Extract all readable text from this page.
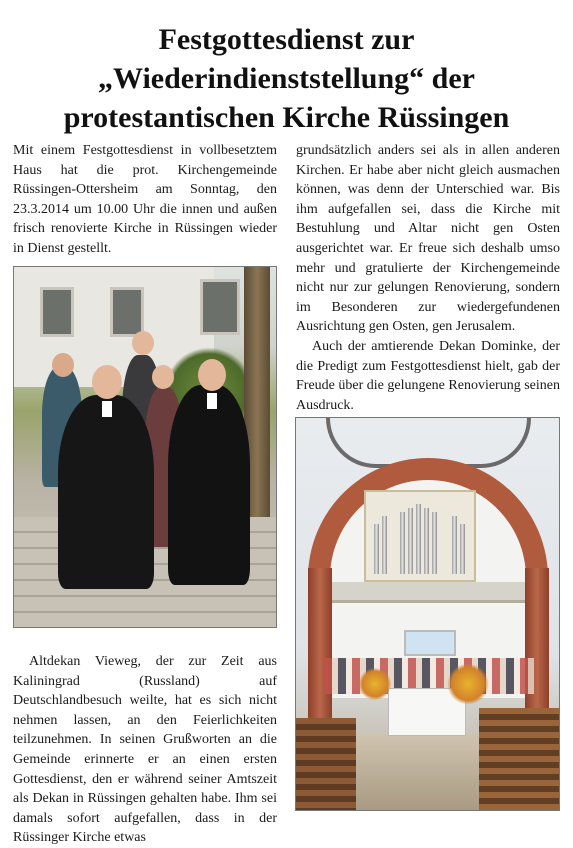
Festgottesdienst zur
„Wiederindienststellung“ der
protestantischen Kirche Rüssingen

Mit einem Festgottesdienst in vollbesetztem Haus hat die prot. Kirchengemeinde Rüssingen-Ottersheim am Sonntag, den 23.3.2014 um 10.00 Uhr die innen und außen frisch renovierte Kirche in Rüssingen wieder in Dienst gestellt.

Altdekan Vieweg, der zur Zeit aus Kaliningrad (Russland) auf Deutschlandbesuch weilte, hat es sich nicht nehmen lassen, an den Feierlichkeiten teilzunehmen. In seinen Grußworten an die Gemeinde erinnerte er an einen ersten Gottesdienst, den er während seiner Amtszeit als Dekan in Rüssingen gehalten habe. Ihm sei damals sofort aufgefallen, dass in der Rüssinger Kirche etwas

grundsätzlich anders sei als in allen anderen Kirchen. Er habe aber nicht gleich ausmachen können, was denn der Unterschied war. Bis ihm aufgefallen sei, dass die Kirche mit Bestuhlung und Altar nicht gen Osten ausgerichtet war. Er freue sich deshalb umso mehr und gratulierte der Kirchengemeinde nicht nur zur gelungen Renovierung, sondern im Besonderen zur wiedergefundenen Ausrichtung gen Osten, gen Jerusalem.

Auch der amtierende Dekan Dominke, der die Predigt zum Festgottesdienst hielt, gab der Freude über die gelungene Renovierung seinen Ausdruck.
